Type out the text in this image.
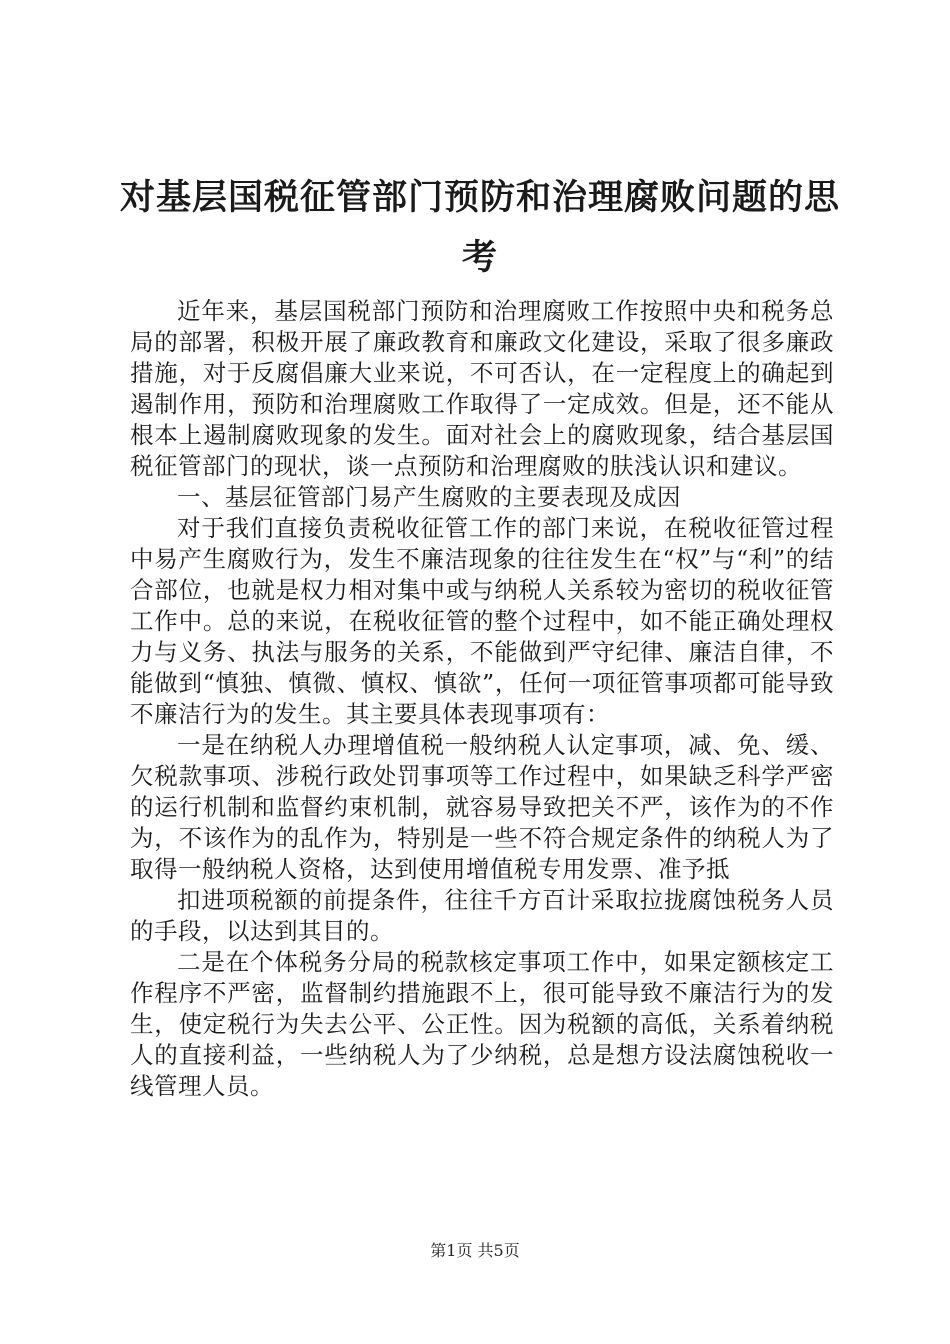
对基层国税征管部门预防和治理腐败问题的思考

近年来，基层国税部门预防和治理腐败工作按照中央和税务总局的部署，积极开展了廉政教育和廉政文化建设，采取了很多廉政措施，对于反腐倡廉大业来说，不可否认，在一定程度上的确起到遏制作用，预防和治理腐败工作取得了一定成效。但是，还不能从根本上遏制腐败现象的发生。面对社会上的腐败现象，结合基层国税征管部门的现状，谈一点预防和治理腐败的肤浅认识和建议。

一、基层征管部门易产生腐败的主要表现及成因

对于我们直接负责税收征管工作的部门来说，在税收征管过程中易产生腐败行为，发生不廉洁现象的往往发生在“权”与“利”的结合部位，也就是权力相对集中或与纳税人关系较为密切的税收征管工作中。总的来说，在税收征管的整个过程中，如不能正确处理权力与义务、执法与服务的关系，不能做到严守纪律、廉洁自律，不能做到“慎独、慎微、慎权、慎欲”，任何一项征管事项都可能导致不廉洁行为的发生。其主要具体表现事项有：

一是在纳税人办理增值税一般纳税人认定事项，减、免、缓、欠税款事项、涉税行政处罚事项等工作过程中，如果缺乏科学严密的运行机制和监督约束机制，就容易导致把关不严，该作为的不作为，不该作为的乱作为，特别是一些不符合规定条件的纳税人为了取得一般纳税人资格，达到使用增值税专用发票、准予抵

扣进项税额的前提条件，往往千方百计采取拉拢腐蚀税务人员的手段，以达到其目的。

二是在个体税务分局的税款核定事项工作中，如果定额核定工作程序不严密，监督制约措施跟不上，很可能导致不廉洁行为的发生，使定税行为失去公平、公正性。因为税额的高低，关系着纳税人的直接利益，一些纳税人为了少纳税，总是想方设法腐蚀税收一线管理人员。

第1页 共5页
